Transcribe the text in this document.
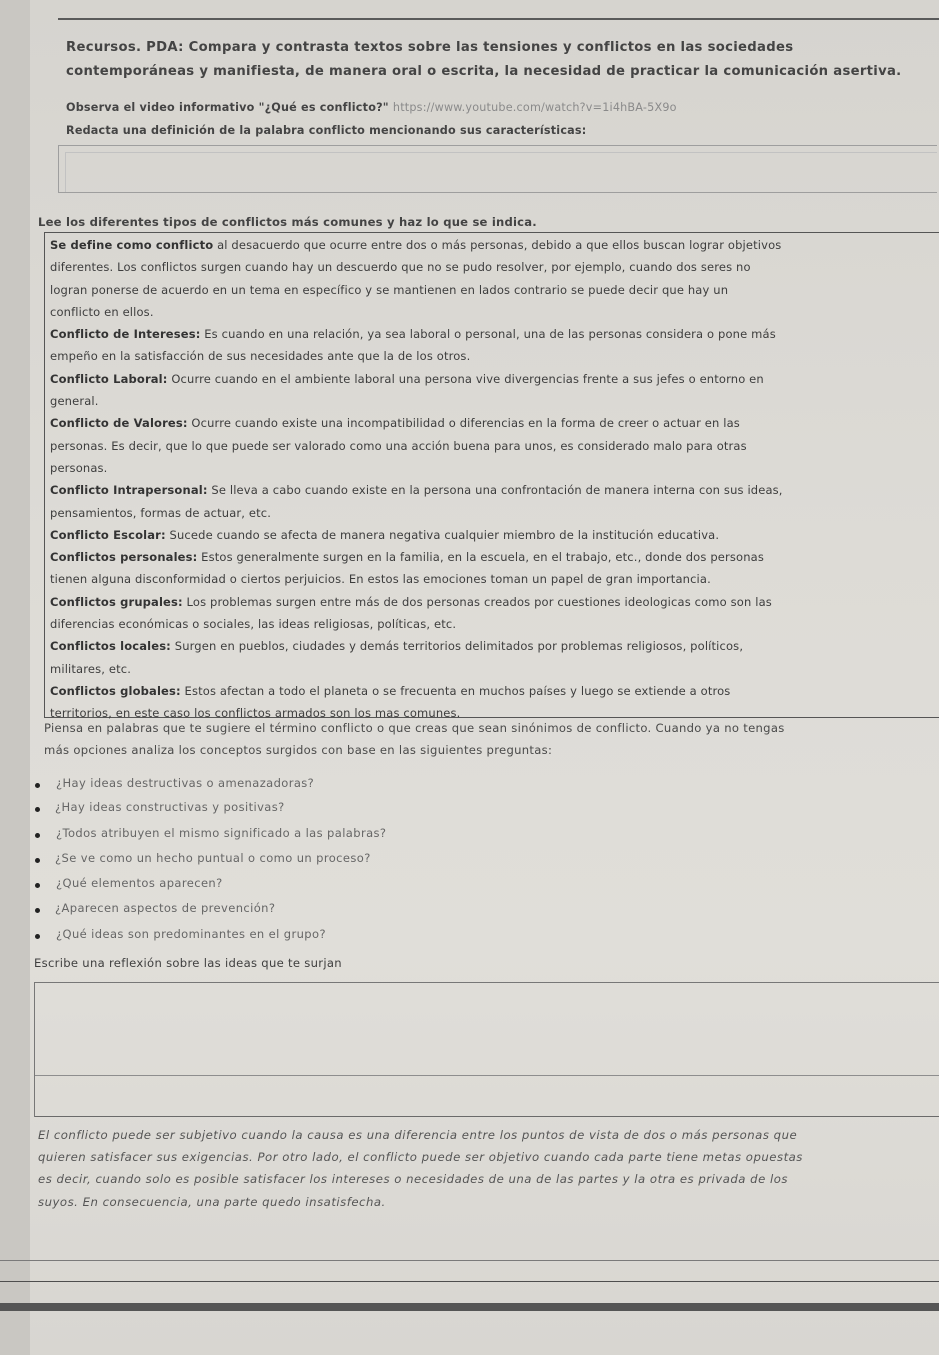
Recursos. PDA: Compara y contrasta textos sobre las tensiones y conflictos en las sociedades
contemporáneas y manifiesta, de manera oral o escrita, la necesidad de practicar la comunicación asertiva.
Observa el video informativo "¿Qué es conflicto?" https://www.youtube.com/watch?v=1i4hBA-5X9o
Redacta una definición de la palabra conflicto mencionando sus características:
Lee los diferentes tipos de conflictos más comunes y haz lo que se indica.
Se define como conflicto al desacuerdo que ocurre entre dos o más personas, debido a que ellos buscan lograr objetivos
diferentes. Los conflictos surgen cuando hay un descuerdo que no se pudo resolver, por ejemplo, cuando dos seres no
logran ponerse de acuerdo en un tema en específico y se mantienen en lados contrario se puede decir que hay un
conflicto en ellos.
Conflicto de Intereses: Es cuando en una relación, ya sea laboral o personal, una de las personas considera o pone más
empeño en la satisfacción de sus necesidades ante que la de los otros.
Conflicto Laboral: Ocurre cuando en el ambiente laboral una persona vive divergencias frente a sus jefes o entorno en
general.
Conflicto de Valores: Ocurre cuando existe una incompatibilidad o diferencias en la forma de creer o actuar en las
personas. Es decir, que lo que puede ser valorado como una acción buena para unos, es considerado malo para otras
personas.
Conflicto Intrapersonal: Se lleva a cabo cuando existe en la persona una confrontación de manera interna con sus ideas,
pensamientos, formas de actuar, etc.
Conflicto Escolar: Sucede cuando se afecta de manera negativa cualquier miembro de la institución educativa.
Conflictos personales: Estos generalmente surgen en la familia, en la escuela, en el trabajo, etc., donde dos personas
tienen alguna disconformidad o ciertos perjuicios. En estos las emociones toman un papel de gran importancia.
Conflictos grupales: Los problemas surgen entre más de dos personas creados por cuestiones ideologicas como son las
diferencias económicas o sociales, las ideas religiosas, políticas, etc.
Conflictos locales: Surgen en pueblos, ciudades y demás territorios delimitados por problemas religiosos, políticos,
militares, etc.
Conflictos globales: Estos afectan a todo el planeta o se frecuenta en muchos países y luego se extiende a otros
territorios, en este caso los conflictos armados son los mas comunes.
Piensa en palabras que te sugiere el término conflicto o que creas que sean sinónimos de conflicto. Cuando ya no tengas
más opciones analiza los conceptos surgidos con base en las siguientes preguntas:
¿Hay ideas destructivas o amenazadoras?
¿Hay ideas constructivas y positivas?
¿Todos atribuyen el mismo significado a las palabras?
¿Se ve como un hecho puntual o como un proceso?
¿Qué elementos aparecen?
¿Aparecen aspectos de prevención?
¿Qué ideas son predominantes en el grupo?
Escribe una reflexión sobre las ideas que te surjan
El conflicto puede ser subjetivo cuando la causa es una diferencia entre los puntos de vista de dos o más personas que
quieren satisfacer sus exigencias. Por otro lado, el conflicto puede ser objetivo cuando cada parte tiene metas opuestas
es decir, cuando solo es posible satisfacer los intereses o necesidades de una de las partes y la otra es privada de los
suyos. En consecuencia, una parte quedo insatisfecha.
